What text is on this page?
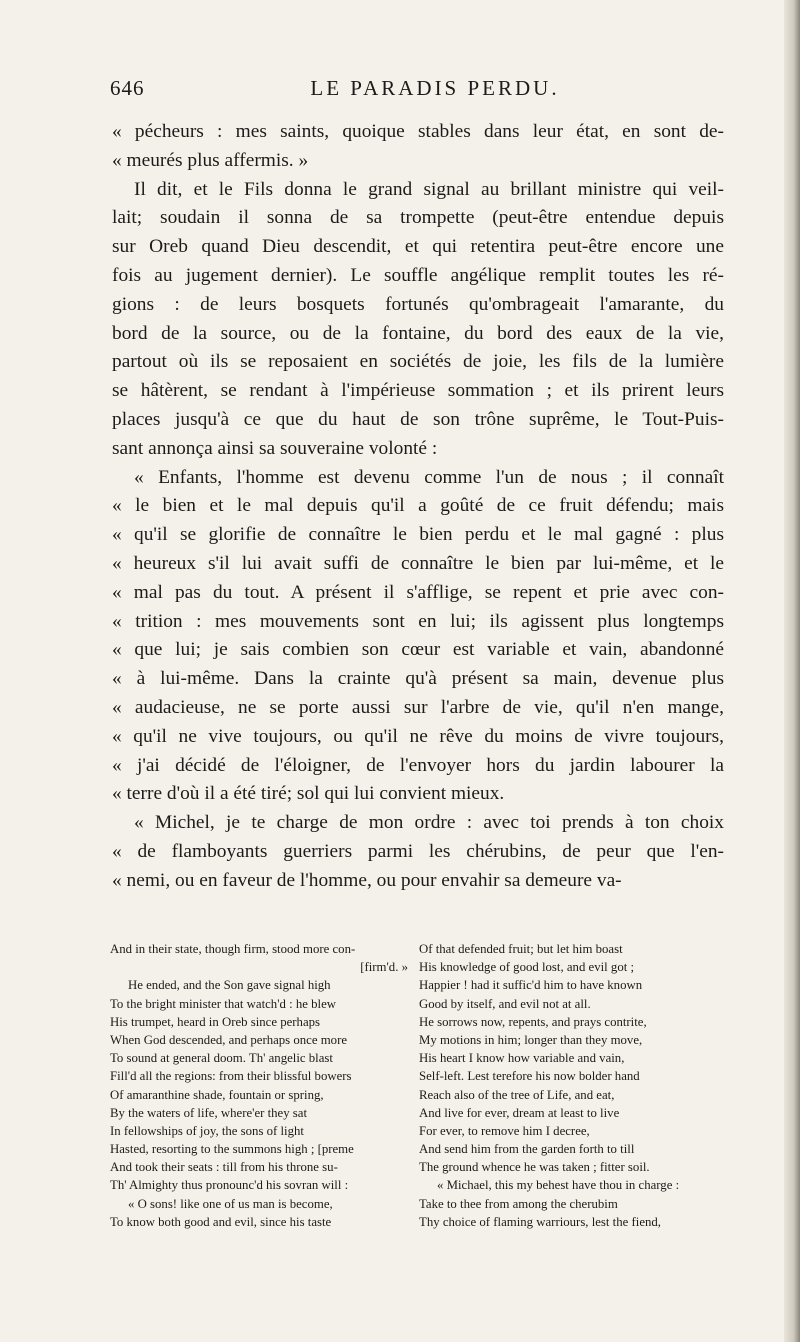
646	LE PARADIS PERDU.
« pécheurs : mes saints, quoique stables dans leur état, en sont de-
« meurés plus affermis. »
Il dit, et le Fils donna le grand signal au brillant ministre qui veil-
lait; soudain il sonna de sa trompette (peut-être entendue depuis
sur Oreb quand Dieu descendit, et qui retentira peut-être encore une
fois au jugement dernier). Le souffle angélique remplit toutes les ré-
gions : de leurs bosquets fortunés qu'ombrageait l'amarante, du
bord de la source, ou de la fontaine, du bord des eaux de la vie,
partout où ils se reposaient en sociétés de joie, les fils de la lumière
se hâtèrent, se rendant à l'impérieuse sommation ; et ils prirent leurs
places jusqu'à ce que du haut de son trône suprême, le Tout-Puis-
sant annonça ainsi sa souveraine volonté :
« Enfants, l'homme est devenu comme l'un de nous ; il connaît
« le bien et le mal depuis qu'il a goûté de ce fruit défendu; mais
« qu'il se glorifie de connaître le bien perdu et le mal gagné : plus
« heureux s'il lui avait suffi de connaître le bien par lui-même, et le
« mal pas du tout. A présent il s'afflige, se repent et prie avec con-
« trition : mes mouvements sont en lui; ils agissent plus longtemps
« que lui; je sais combien son cœur est variable et vain, abandonné
« à lui-même. Dans la crainte qu'à présent sa main, devenue plus
« audacieuse, ne se porte aussi sur l'arbre de vie, qu'il n'en mange,
« qu'il ne vive toujours, ou qu'il ne rêve du moins de vivre toujours,
« j'ai décidé de l'éloigner, de l'envoyer hors du jardin labourer la
« terre d'où il a été tiré; sol qui lui convient mieux.
« Michel, je te charge de mon ordre : avec toi prends à ton choix
« de flamboyants guerriers parmi les chérubins, de peur que l'en-
« nemi, ou en faveur de l'homme, ou pour envahir sa demeure va-
And in their state, though firm, stood more con-
[firm'd. »
He ended, and the Son gave signal high
To the bright minister that watch'd : he blew
His trumpet, heard in Oreb since perhaps
When God descended, and perhaps once more
To sound at general doom. Th' angelic blast
Fill'd all the regions: from their blissful bowers
Of amaranthine shade, fountain or spring,
By the waters of life, where'er they sat
In fellowships of joy, the sons of light
Hasted, resorting to the summons high ; [preme
And took their seats : till from his throne su-
Th' Almighty thus pronounc'd his sovran will :
« O sons! like one of us man is become,
To know both good and evil, since his taste
Of that defended fruit; but let him boast
His knowledge of good lost, and evil got ;
Happier ! had it suffic'd him to have known
Good by itself, and evil not at all.
He sorrows now, repents, and prays contrite,
My motions in him; longer than they move,
His heart I know how variable and vain,
Self-left. Lest terefore his now bolder hand
Reach also of the tree of Life, and eat,
And live for ever, dream at least to live
For ever, to remove him I decree,
And send him from the garden forth to till
The ground whence he was taken ; fitter soil.
« Michael, this my behest have thou in charge :
Take to thee from among the cherubim
Thy choice of flaming warriours, lest the fiend,
